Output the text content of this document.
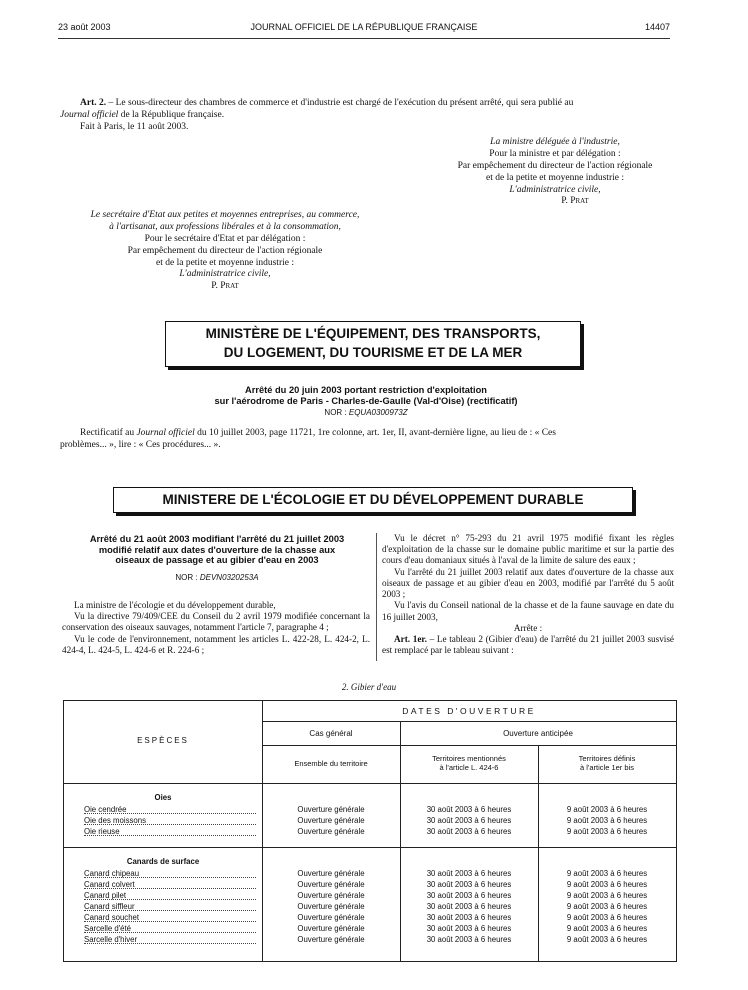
23 août 2003	JOURNAL OFFICIEL DE LA RÉPUBLIQUE FRANÇAISE	14407
Art. 2. – Le sous-directeur des chambres de commerce et d'industrie est chargé de l'exécution du présent arrêté, qui sera publié au
Journal officiel de la République française.
Fait à Paris, le 11 août 2003.
La ministre déléguée à l'industrie,
Pour la ministre et par délégation :
Par empêchement du directeur de l'action régionale
et de la petite et moyenne industrie :
L'administratrice civile,
P. Prat
Le secrétaire d'Etat aux petites et moyennes entreprises, au commerce,
à l'artisanat, aux professions libérales et à la consommation,
Pour le secrétaire d'Etat et par délégation :
Par empêchement du directeur de l'action régionale
et de la petite et moyenne industrie :
L'administratrice civile,
P. Prat
MINISTÈRE DE L'ÉQUIPEMENT, DES TRANSPORTS,
DU LOGEMENT, DU TOURISME ET DE LA MER
Arrêté du 20 juin 2003 portant restriction d'exploitation
sur l'aérodrome de Paris - Charles-de-Gaulle (Val-d'Oise) (rectificatif)
NOR : EQUA0300973Z
Rectificatif au Journal officiel du 10 juillet 2003, page 11721, 1re colonne, art. 1er, II, avant-dernière ligne, au lieu de : « Ces
problèmes... », lire : « Ces procédures... ».
MINISTERE DE L'ÉCOLOGIE ET DU DÉVELOPPEMENT DURABLE
Arrêté du 21 août 2003 modifiant l'arrêté du 21 juillet 2003
modifié relatif aux dates d'ouverture de la chasse aux
oiseaux de passage et au gibier d'eau en 2003
NOR : DEVN0320253A

La ministre de l'écologie et du développement durable,

Vu la directive 79/409/CEE du Conseil du 2 avril 1979 modifiée concernant la conservation des oiseaux sauvages, notamment l'article 7, paragraphe 4 ;

Vu le code de l'environnement, notamment les articles L. 422-28, L. 424-2, L. 424-4, L. 424-5, L. 424-6 et R. 224-6 ;

Vu le décret n° 75-293 du 21 avril 1975 modifié fixant les règles d'exploitation de la chasse sur le domaine public maritime et sur la partie des cours d'eau domaniaux situés à l'aval de la limite de salure des eaux ;

Vu l'arrêté du 21 juillet 2003 relatif aux dates d'ouverture de la chasse aux oiseaux de passage et au gibier d'eau en 2003, modifié par l'arrêté du 5 août 2003 ;

Vu l'avis du Conseil national de la chasse et de la faune sauvage en date du 16 juillet 2003,

Arrête :

Art. 1er. – Le tableau 2 (Gibier d'eau) de l'arrêté du 21 juillet 2003 susvisé est remplacé par le tableau suivant :

2. Gibier d'eau
DATES D'OUVERTURE
ESPÈCES
Cas général	Ouverture anticipée
Ensemble du territoire
Territoires mentionnés
à l'article L. 424-6
Territoires définis
à l'article 1er bis
Oies
Oie cendrée	Ouverture générale	30 août 2003 à 6 heures	9 août 2003 à 6 heures
Oie des moissons	Ouverture générale	30 août 2003 à 6 heures	9 août 2003 à 6 heures
Oie rieuse	Ouverture générale	30 août 2003 à 6 heures	9 août 2003 à 6 heures
Canards de surface
Canard chipeau	Ouverture générale	30 août 2003 à 6 heures	9 août 2003 à 6 heures
Canard colvert	Ouverture générale	30 août 2003 à 6 heures	9 août 2003 à 6 heures
Canard pilet	Ouverture générale	30 août 2003 à 6 heures	9 août 2003 à 6 heures
Canard siffleur	Ouverture générale	30 août 2003 à 6 heures	9 août 2003 à 6 heures
Canard souchet	Ouverture générale	30 août 2003 à 6 heures	9 août 2003 à 6 heures
Sarcelle d'été	Ouverture générale	30 août 2003 à 6 heures	9 août 2003 à 6 heures
Sarcelle d'hiver	Ouverture générale	30 août 2003 à 6 heures	9 août 2003 à 6 heures
